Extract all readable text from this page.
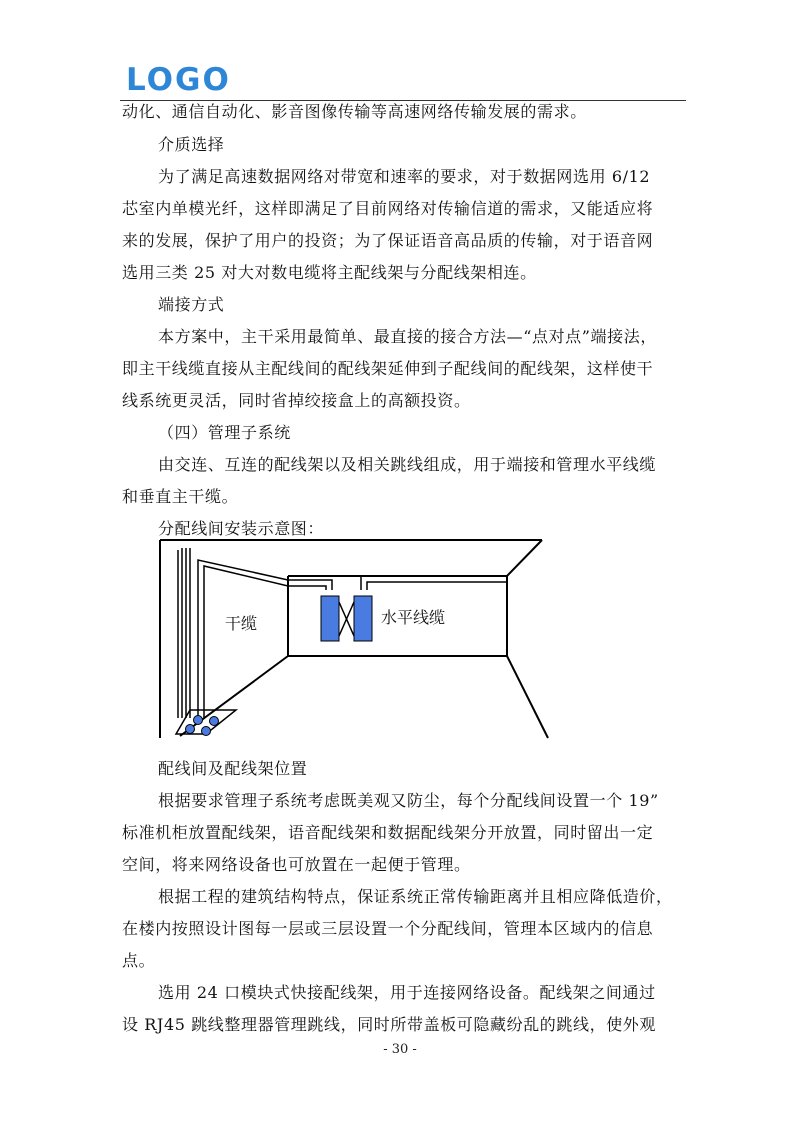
LOGO
动化、通信自动化、影音图像传输等高速网络传输发展的需求。
介质选择
为了满足高速数据网络对带宽和速率的要求，对于数据网选用 6/12
芯室内单模光纤，这样即满足了目前网络对传输信道的需求，又能适应将
来的发展，保护了用户的投资；为了保证语音高品质的传输，对于语音网
选用三类 25 对大对数电缆将主配线架与分配线架相连。
端接方式
本方案中，主干采用最简单、最直接的接合方法—“点对点”端接法，
即主干线缆直接从主配线间的配线架延伸到子配线间的配线架，这样使干
线系统更灵活，同时省掉绞接盒上的高额投资。
（四）管理子系统
由交连、互连的配线架以及相关跳线组成，用于端接和管理水平线缆
和垂直主干缆。
分配线间安装示意图：
干缆	水平线缆
配线间及配线架位置
根据要求管理子系统考虑既美观又防尘，每个分配线间设置一个 19”
标准机柜放置配线架，语音配线架和数据配线架分开放置，同时留出一定
空间，将来网络设备也可放置在一起便于管理。
根据工程的建筑结构特点，保证系统正常传输距离并且相应降低造价，
在楼内按照设计图每一层或三层设置一个分配线间，管理本区域内的信息
点。
选用 24 口模块式快接配线架，用于连接网络设备。配线架之间通过
设 RJ45 跳线整理器管理跳线，同时所带盖板可隐藏纷乱的跳线，使外观
- 30 -
